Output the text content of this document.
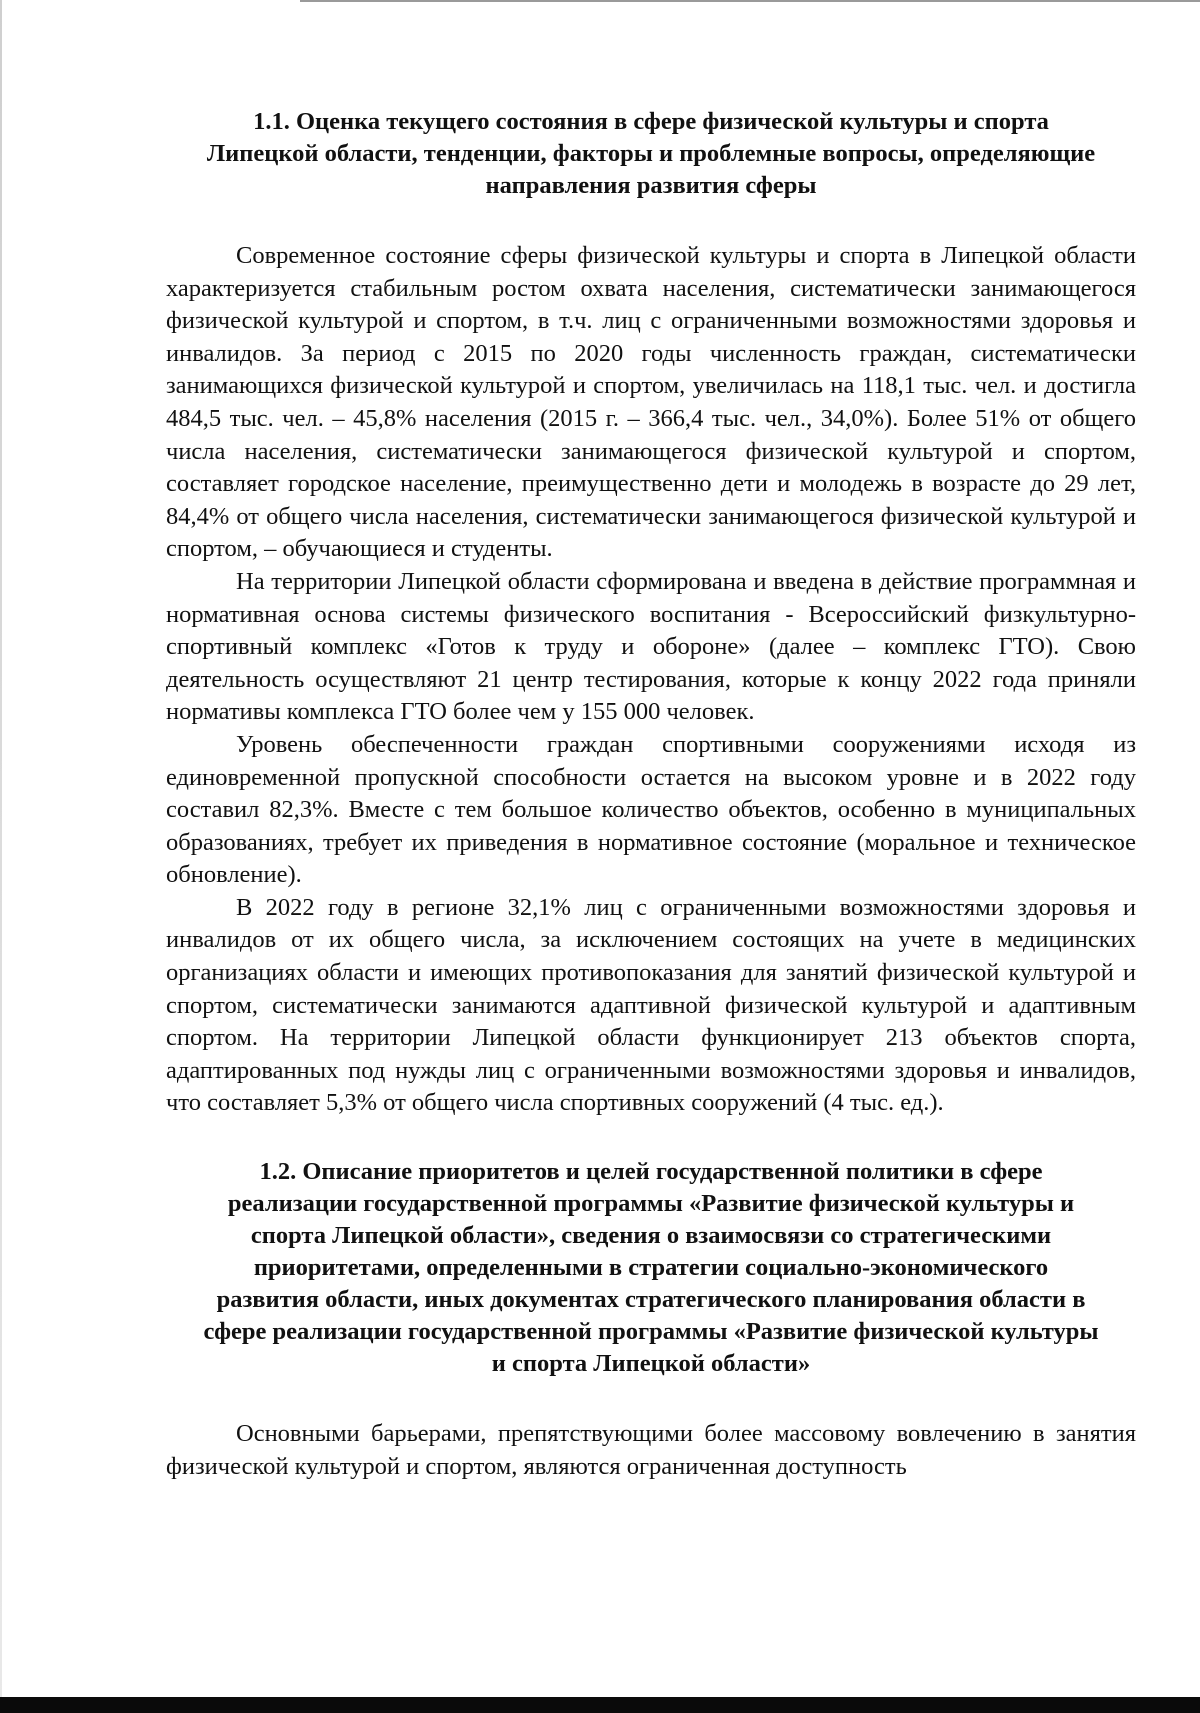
1.1. Оценка текущего состояния в сфере физической культуры и спорта
Липецкой области, тенденции, факторы и проблемные вопросы, определяющие
направления развития сферы

Современное состояние сферы физической культуры и спорта в Липецкой области характеризуется стабильным ростом охвата населения, систематически занимающегося физической культурой и спортом, в т.ч. лиц с ограниченными возможностями здоровья и инвалидов. За период с 2015 по 2020 годы численность граждан, систематически занимающихся физической культурой и спортом, увеличилась на 118,1 тыс. чел. и достигла 484,5 тыс. чел. – 45,8% населения (2015 г. – 366,4 тыс. чел., 34,0%). Более 51% от общего числа населения, систематически занимающегося физической культурой и спортом, составляет городское население, преимущественно дети и молодежь в возрасте до 29 лет, 84,4% от общего числа населения, систематически занимающегося физической культурой и спортом, – обучающиеся и студенты.

На территории Липецкой области сформирована и введена в действие программная и нормативная основа системы физического воспитания - Всероссийский физкультурно-спортивный комплекс «Готов к труду и обороне» (далее – комплекс ГТО). Свою деятельность осуществляют 21 центр тестирования, которые к концу 2022 года приняли нормативы комплекса ГТО более чем у 155 000 человек.

Уровень обеспеченности граждан спортивными сооружениями исходя из единовременной пропускной способности остается на высоком уровне и в 2022 году составил 82,3%. Вместе с тем большое количество объектов, особенно в муниципальных образованиях, требует их приведения в нормативное состояние (моральное и техническое обновление).

В 2022 году в регионе 32,1% лиц с ограниченными возможностями здоровья и инвалидов от их общего числа, за исключением состоящих на учете в медицинских организациях области и имеющих противопоказания для занятий физической культурой и спортом, систематически занимаются адаптивной физической культурой и адаптивным спортом. На территории Липецкой области функционирует 213 объектов спорта, адаптированных под нужды лиц с ограниченными возможностями здоровья и инвалидов, что составляет 5,3% от общего числа спортивных сооружений (4 тыс. ед.).

1.2. Описание приоритетов и целей государственной политики в сфере
реализации государственной программы «Развитие физической культуры и
спорта Липецкой области», сведения о взаимосвязи со стратегическими
приоритетами, определенными в стратегии социально-экономического
развития области, иных документах стратегического планирования области в
сфере реализации государственной программы «Развитие физической культуры
и спорта Липецкой области»

Основными барьерами, препятствующими более массовому вовлечению в занятия физической культурой и спортом, являются ограниченная доступность
